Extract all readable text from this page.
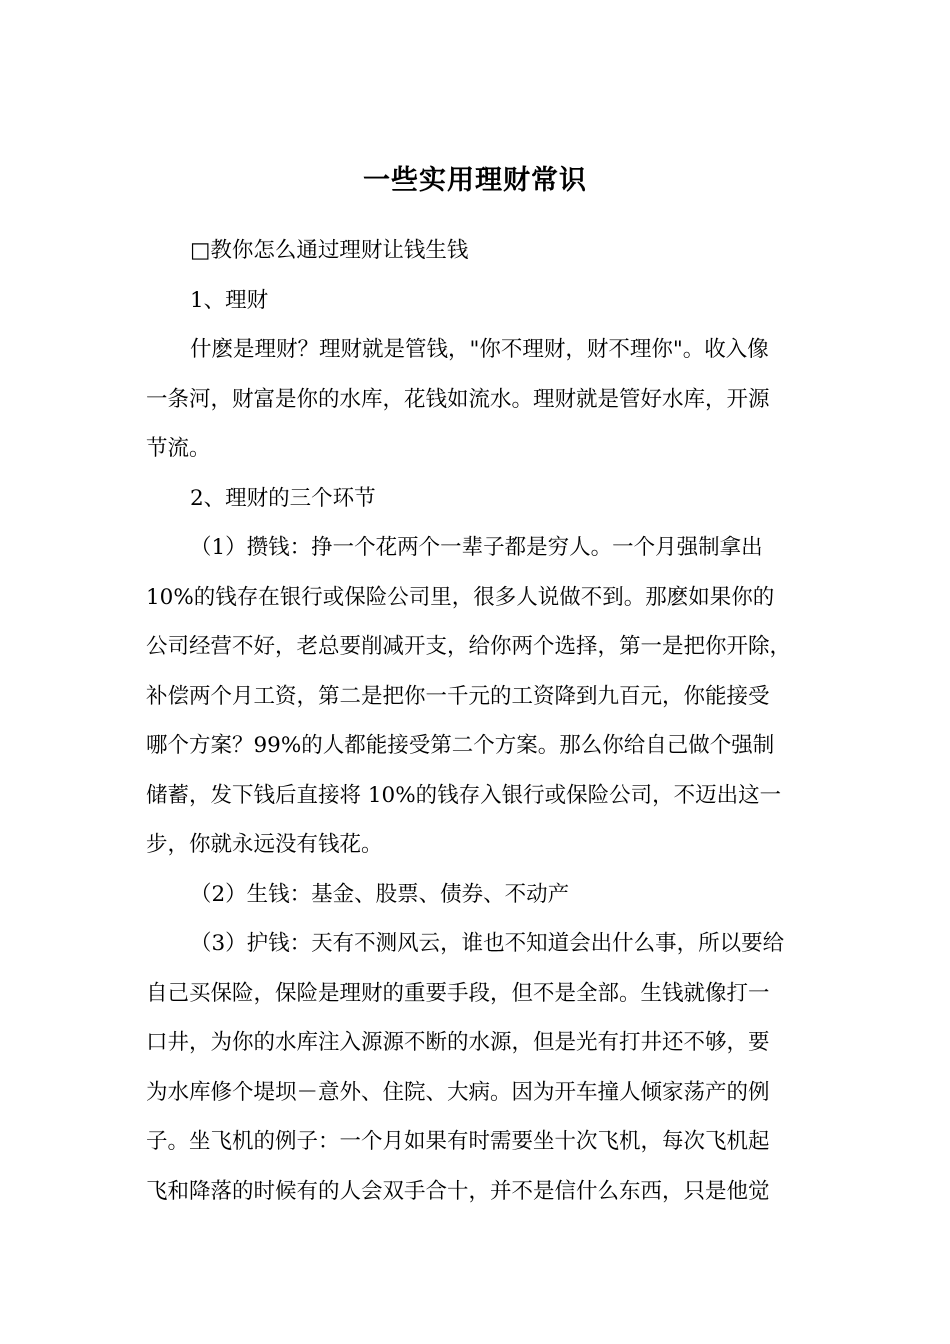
一些实用理财常识
□教你怎么通过理财让钱生钱
1、理财
什麽是理财？理财就是管钱，"你不理财，财不理你"。收入像
一条河，财富是你的水库，花钱如流水。理财就是管好水库，开源
节流。
2、理财的三个环节
（1）攒钱：挣一个花两个一辈子都是穷人。一个月强制拿出
10%的钱存在银行或保险公司里，很多人说做不到。那麽如果你的
公司经营不好，老总要削减开支，给你两个选择，第一是把你开除，
补偿两个月工资，第二是把你一千元的工资降到九百元，你能接受
哪个方案？99%的人都能接受第二个方案。那么你给自己做个强制
储蓄，发下钱后直接将 10%的钱存入银行或保险公司，不迈出这一
步，你就永远没有钱花。
（2）生钱：基金、股票、债券、不动产
（3）护钱：天有不测风云，谁也不知道会出什么事，所以要给
自己买保险，保险是理财的重要手段，但不是全部。生钱就像打一
口井，为你的水库注入源源不断的水源，但是光有打井还不够，要
为水库修个堤坝－意外、住院、大病。因为开车撞人倾家荡产的例
子。坐飞机的例子：一个月如果有时需要坐十次飞机，每次飞机起
飞和降落的时候有的人会双手合十，并不是信什么东西，只是他觉
